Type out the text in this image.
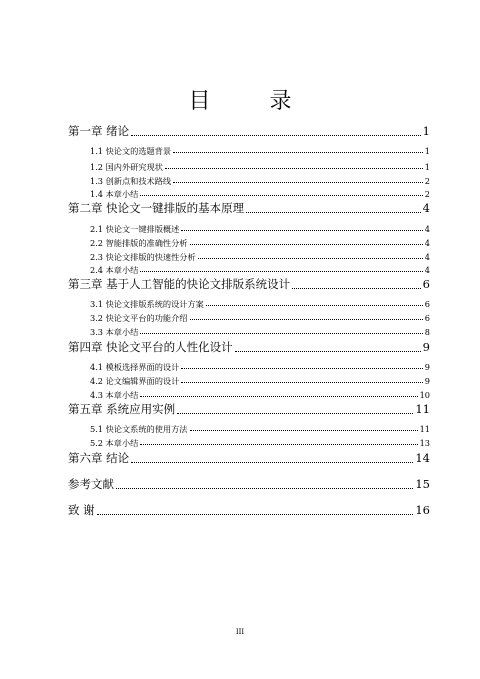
目 录
第一章 绪论	1
1.1 快论文的选题背景	1
1.2 国内外研究现状	1
1.3 创新点和技术路线	2
1.4 本章小结	2
第二章 快论文一键排版的基本原理	4
2.1 快论文一键排版概述	4
2.2 智能排版的准确性分析	4
2.3 快论文排版的快速性分析	4
2.4 本章小结	4
第三章 基于人工智能的快论文排版系统设计	6
3.1 快论文排版系统的设计方案	6
3.2 快论文平台的功能介绍	6
3.3 本章小结	8
第四章 快论文平台的人性化设计	9
4.1 模板选择界面的设计	9
4.2 论文编辑界面的设计	9
4.3 本章小结	10
第五章 系统应用实例	11
5.1 快论文系统的使用方法	11
5.2 本章小结	13
第六章 结论	14
参考文献	15
致 谢	16
III
